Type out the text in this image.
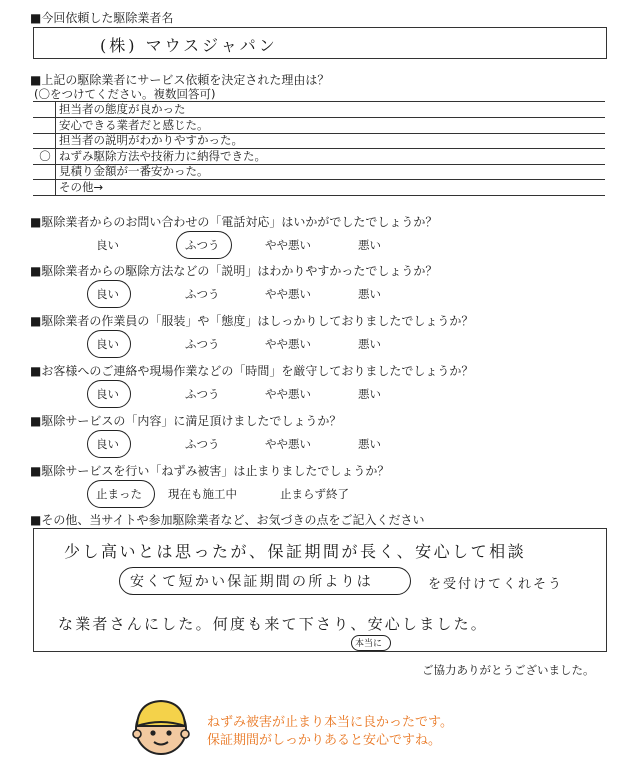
■今回依頼した駆除業者名
(株) マウスジャパン
■上記の駆除業者にサービス依頼を決定された理由は？
(〇をつけてください。複数回答可)
担当者の態度が良かった
安心できる業者だと感じた。
担当者の説明がわかりやすかった。
〇 ねずみ駆除方法や技術力に納得できた。
見積り金額が一番安かった。
その他→
■駆除業者からのお問い合わせの「電話対応」はいかがでしたでしょうか？
良い	ふつう	やや悪い	悪い
■駆除業者からの駆除方法などの「説明」はわかりやすかったでしょうか？
良い	ふつう	やや悪い	悪い
■駆除業者の作業員の「服装」や「態度」はしっかりしておりましたでしょうか？
良い	ふつう	やや悪い	悪い
■お客様へのご連絡や現場作業などの「時間」を厳守しておりましたでしょうか？
良い	ふつう	やや悪い	悪い
■駆除サービスの「内容」に満足頂けましたでしょうか？
良い	ふつう	やや悪い	悪い
■駆除サービスを行い「ねずみ被害」は止まりましたでしょうか？
止まった 現在も施工中	止まらず終了
■その他、当サイトや参加駆除業者など、お気づきの点をご記入ください
少し高いとは思ったが、保証期間が長く、安心して相談
安くて短かい保証期間の所よりは	を受付けてくれそう
な業者さんにした。何度も来て下さり、安心しました。
本当に
ご協力ありがとうございました。
ねずみ被害が止まり本当に良かったです。
保証期間がしっかりあると安心ですね。
